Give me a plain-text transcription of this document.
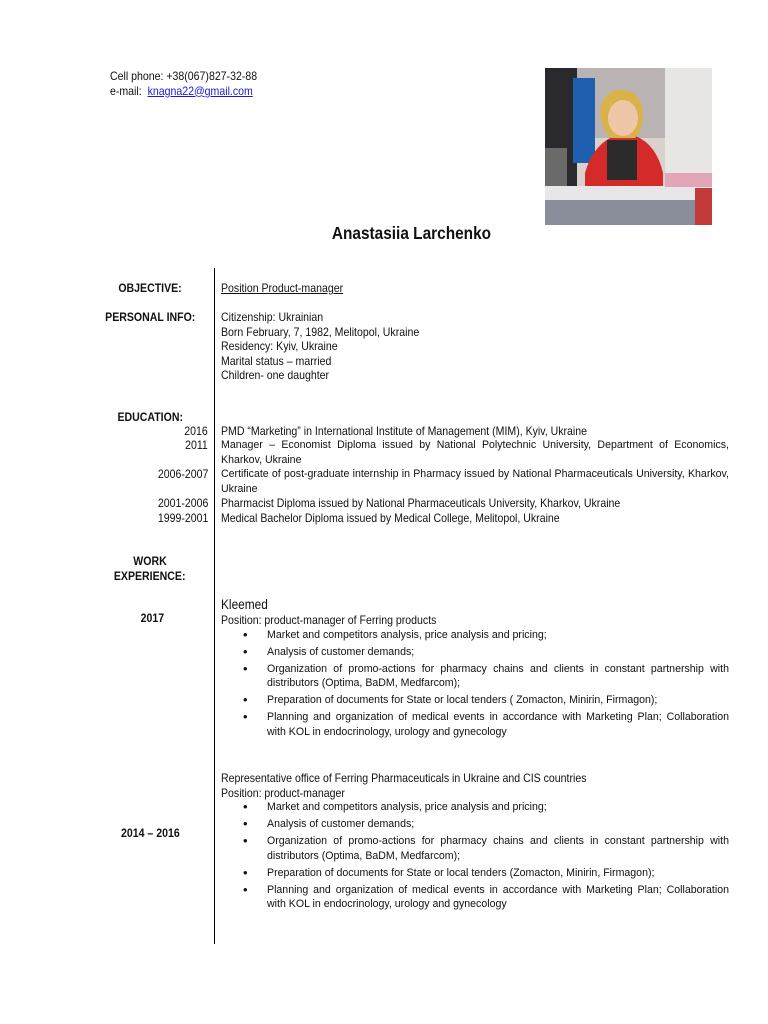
Cell phone: +38(067)827-32-88
e-mail: knagna22@gmail.com
Anastasiia Larchenko
OBJECTIVE:	Position Product-manager
PERSONAL INFO:	Citizenship: Ukrainian
Born February, 7, 1982, Melitopol, Ukraine
Residency: Kyiv, Ukraine
Marital status – married
Children- one daughter
EDUCATION:
2016 PMD “Marketing” in International Institute of Management (MIM), Kyiv, Ukraine
2011 Manager – Economist Diploma issued by National Polytechnic University, Department of Economics, Kharkov, Ukraine
2006-2007 Certificate of post-graduate internship in Pharmacy issued by National Pharmaceuticals University, Kharkov, Ukraine
2001-2006 Pharmacist Diploma issued by National Pharmaceuticals University, Kharkov, Ukraine
1999-2001 Medical Bachelor Diploma issued by Medical College, Melitopol, Ukraine
WORK
EXPERIENCE:
2017
Kleemed
Position: product-manager of Ferring products
• Market and competitors analysis, price analysis and pricing;
• Analysis of customer demands;
• Organization of promo-actions for pharmacy chains and clients in constant partnership with distributors (Optima, BaDM, Medfarcom);
• Preparation of documents for State or local tenders ( Zomacton, Minirin, Firmagon);
• Planning and organization of medical events in accordance with Marketing Plan; Collaboration with KOL in endocrinology, urology and gynecology
2014 – 2016
Representative office of Ferring Pharmaceuticals in Ukraine and CIS countries
Position: product-manager
• Market and competitors analysis, price analysis and pricing;
• Analysis of customer demands;
• Organization of promo-actions for pharmacy chains and clients in constant partnership with distributors (Optima, BaDM, Medfarcom);
• Preparation of documents for State or local tenders (Zomacton, Minirin, Firmagon);
• Planning and organization of medical events in accordance with Marketing Plan; Collaboration with KOL in endocrinology, urology and gynecology
